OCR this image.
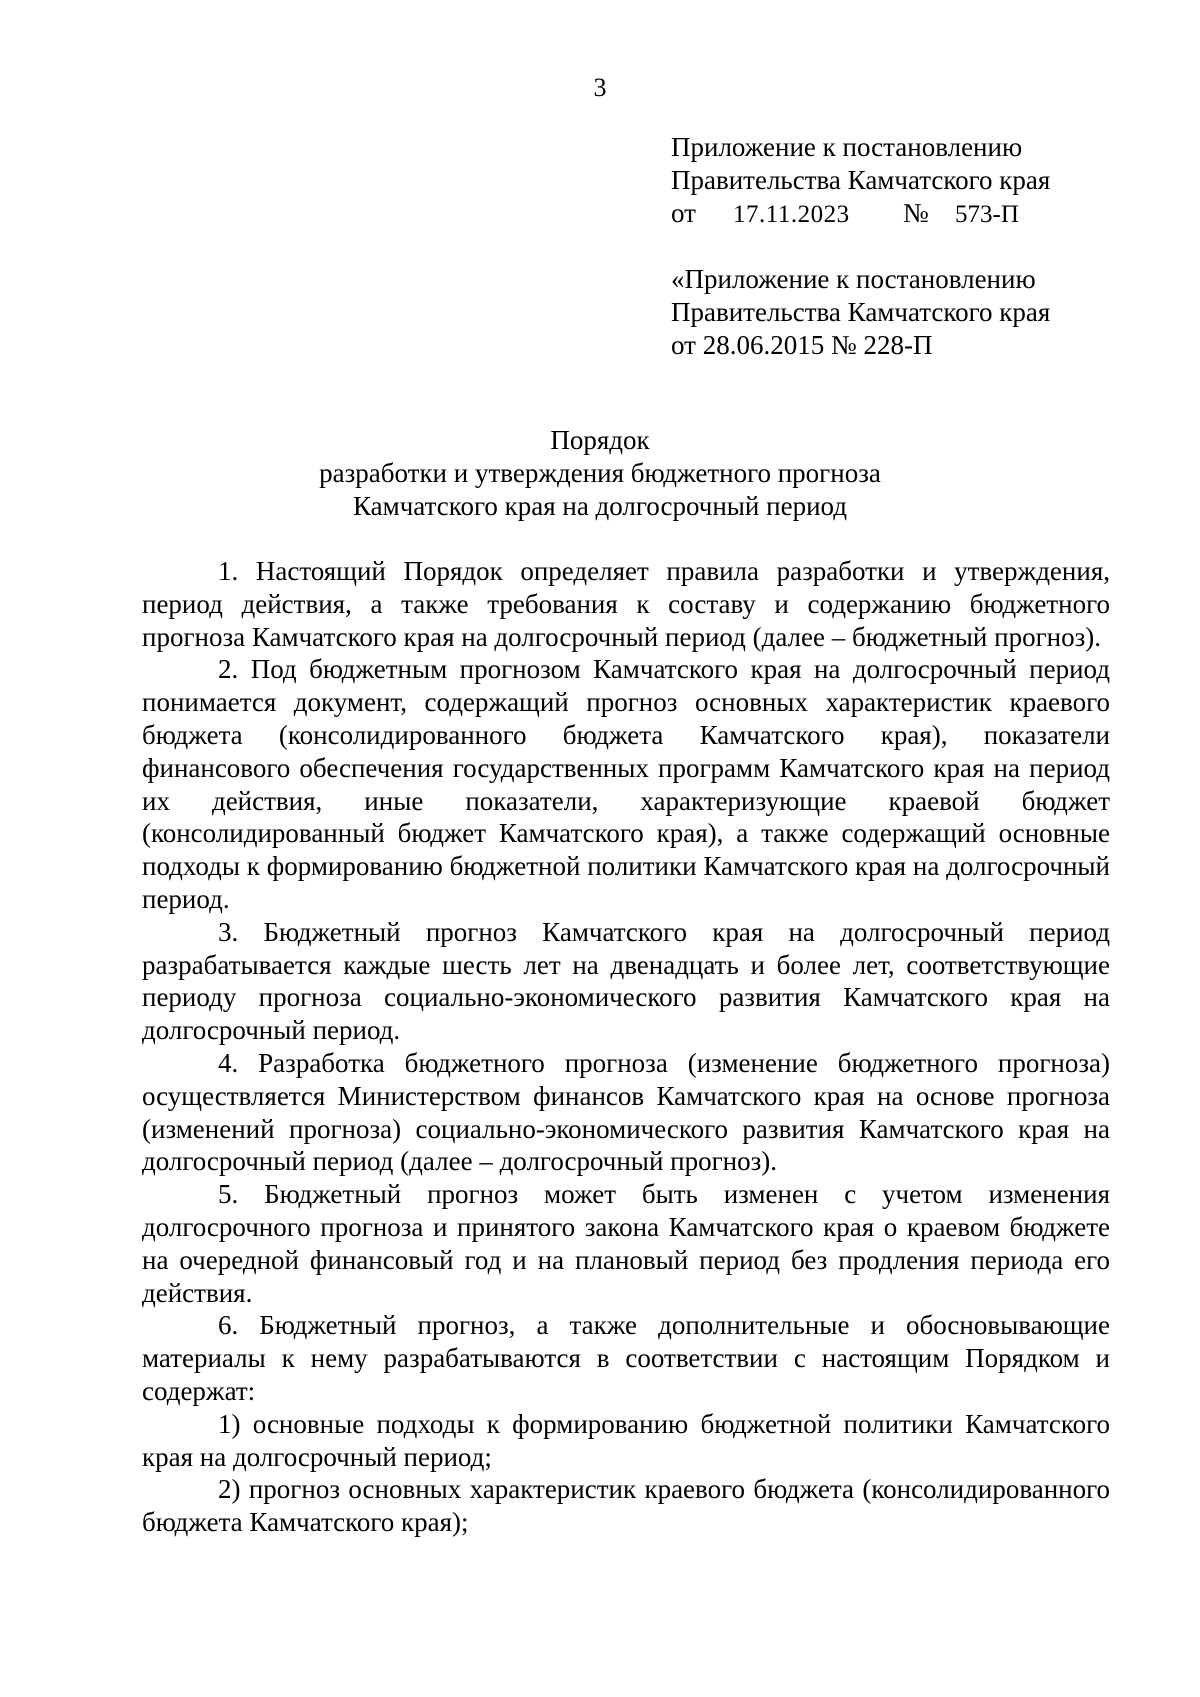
3
Приложение к постановлению
Правительства Камчатского края
от 17.11.2023 № 573-П
«Приложение к постановлению
Правительства Камчатского края
от 28.06.2015 № 228-П
Порядок
разработки и утверждения бюджетного прогноза
Камчатского края на долгосрочный период

1. Настоящий Порядок определяет правила разработки и утверждения, период действия, а также требования к составу и содержанию бюджетного прогноза Камчатского края на долгосрочный период (далее – бюджетный прогноз).

2. Под бюджетным прогнозом Камчатского края на долгосрочный период понимается документ, содержащий прогноз основных характеристик краевого бюджета (консолидированного бюджета Камчатского края), показатели финансового обеспечения государственных программ Камчатского края на период их действия, иные показатели, характеризующие краевой бюджет (консолидированный бюджет Камчатского края), а также содержащий основные подходы к формированию бюджетной политики Камчатского края на долгосрочный период.

3. Бюджетный прогноз Камчатского края на долгосрочный период разрабатывается каждые шесть лет на двенадцать и более лет, соответствующие периоду прогноза социально-экономического развития Камчатского края на долгосрочный период.

4. Разработка бюджетного прогноза (изменение бюджетного прогноза) осуществляется Министерством финансов Камчатского края на основе прогноза (изменений прогноза) социально-экономического развития Камчатского края на долгосрочный период (далее – долгосрочный прогноз).

5. Бюджетный прогноз может быть изменен с учетом изменения долгосрочного прогноза и принятого закона Камчатского края о краевом бюджете на очередной финансовый год и на плановый период без продления периода его действия.

6. Бюджетный прогноз, а также дополнительные и обосновывающие материалы к нему разрабатываются в соответствии с настоящим Порядком и содержат:

1) основные подходы к формированию бюджетной политики Камчатского края на долгосрочный период;

2) прогноз основных характеристик краевого бюджета (консолидированного бюджета Камчатского края);
